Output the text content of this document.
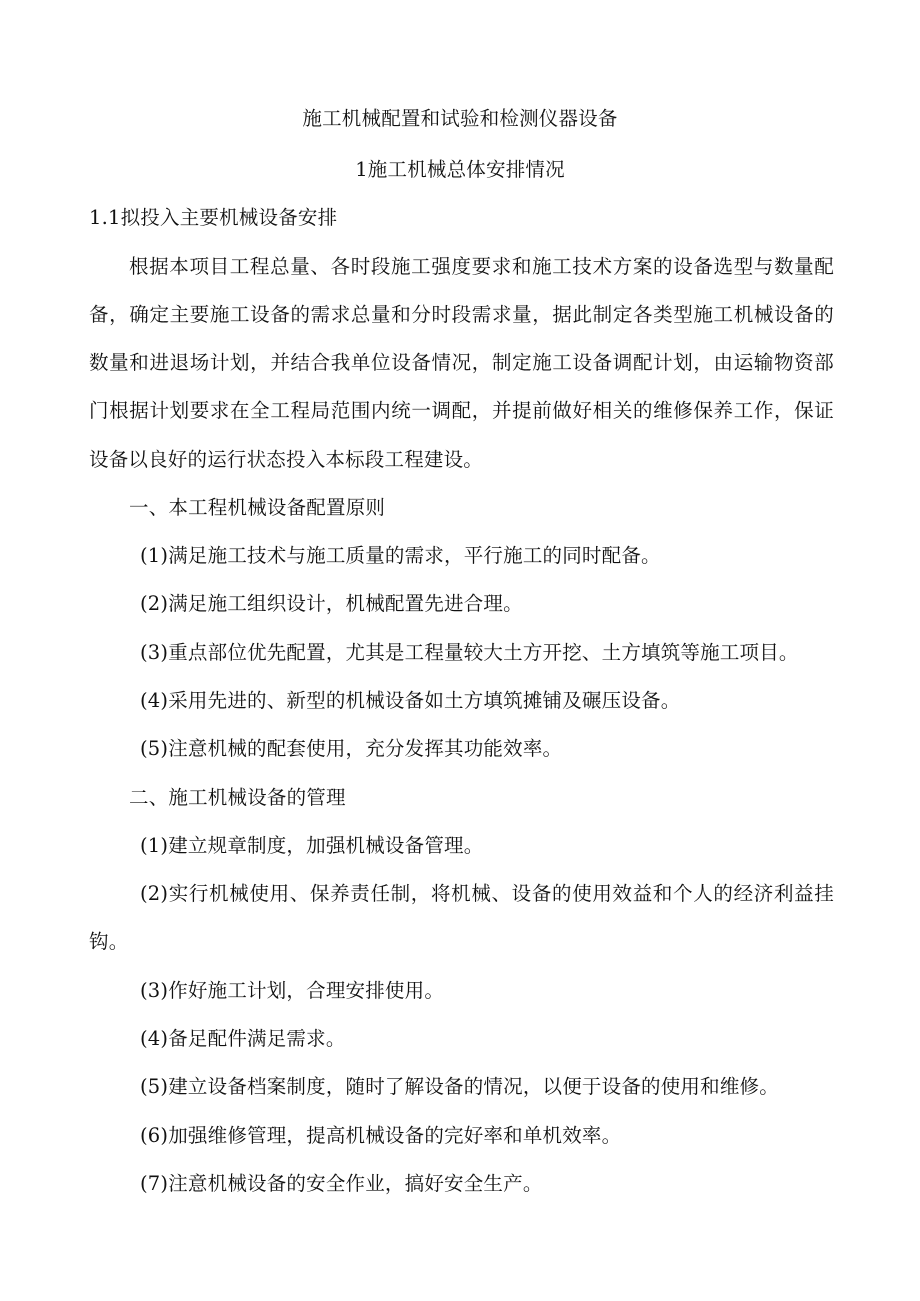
施工机械配置和试验和检测仪器设备
1施工机械总体安排情况
1.1拟投入主要机械设备安排
根据本项目工程总量、各时段施工强度要求和施工技术方案的设备选型与数量配
备，确定主要施工设备的需求总量和分时段需求量，据此制定各类型施工机械设备的
数量和进退场计划，并结合我单位设备情况，制定施工设备调配计划，由运输物资部
门根据计划要求在全工程局范围内统一调配，并提前做好相关的维修保养工作，保证
设备以良好的运行状态投入本标段工程建设。
一、本工程机械设备配置原则
(1)满足施工技术与施工质量的需求，平行施工的同时配备。
(2)满足施工组织设计，机械配置先进合理。
(3)重点部位优先配置，尤其是工程量较大土方开挖、土方填筑等施工项目。
(4)采用先进的、新型的机械设备如土方填筑摊铺及碾压设备。
(5)注意机械的配套使用，充分发挥其功能效率。
二、施工机械设备的管理
(1)建立规章制度，加强机械设备管理。
(2)实行机械使用、保养责任制，将机械、设备的使用效益和个人的经济利益挂
钩。
(3)作好施工计划，合理安排使用。
(4)备足配件满足需求。
(5)建立设备档案制度，随时了解设备的情况，以便于设备的使用和维修。
(6)加强维修管理，提高机械设备的完好率和单机效率。
(7)注意机械设备的安全作业，搞好安全生产。
